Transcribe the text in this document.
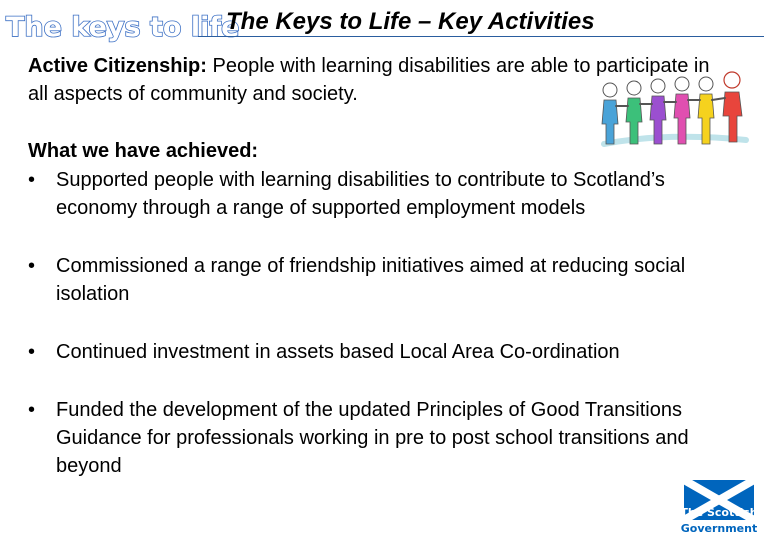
The keys to life
The Keys to Life – Key Activities
Active Citizenship: People with learning disabilities are able to participate in all aspects of community and society.
What we have achieved:
• Supported people with learning disabilities to contribute to Scotland’s economy through a range of supported employment models
• Commissioned a range of friendship initiatives aimed at reducing social isolation
• Continued investment in assets based Local Area Co-ordination
• Funded the development of the updated Principles of Good Transitions Guidance for professionals working in pre to post school transitions and beyond
The Scottish
Government
